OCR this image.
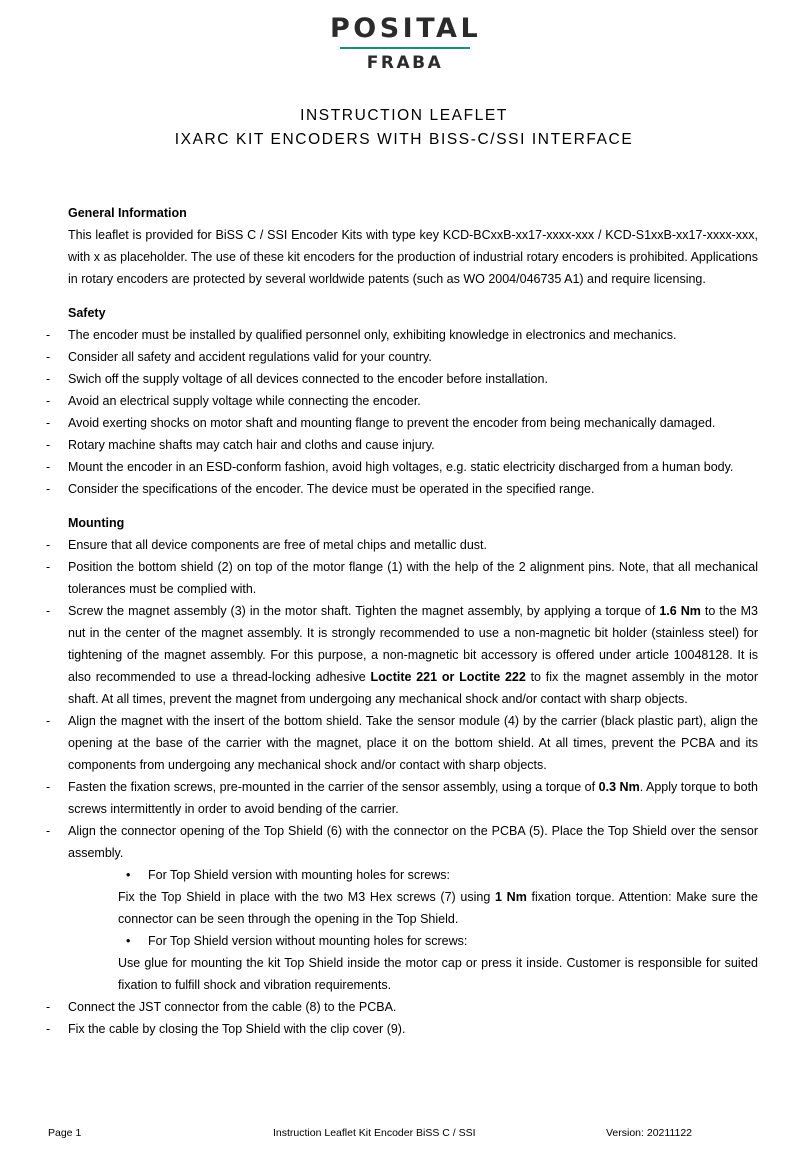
POSITAL
FRABA
INSTRUCTION LEAFLET
IXARC KIT ENCODERS WITH BISS-C/SSI INTERFACE
General Information
This leaflet is provided for BiSS C / SSI Encoder Kits with type key KCD-BCxxB-xx17-xxxx-xxx / KCD-S1xxB-xx17-xxxx-xxx, with x as placeholder. The use of these kit encoders for the production of industrial rotary encoders is prohibited. Applications in rotary encoders are protected by several worldwide patents (such as WO 2004/046735 A1) and require licensing.
Safety
- The encoder must be installed by qualified personnel only, exhibiting knowledge in electronics and mechanics.
- Consider all safety and accident regulations valid for your country.
- Swich off the supply voltage of all devices connected to the encoder before installation.
- Avoid an electrical supply voltage while connecting the encoder.
- Avoid exerting shocks on motor shaft and mounting flange to prevent the encoder from being mechanically damaged.
- Rotary machine shafts may catch hair and cloths and cause injury.
- Mount the encoder in an ESD-conform fashion, avoid high voltages, e.g. static electricity discharged from a human body.
- Consider the specifications of the encoder. The device must be operated in the specified range.
Mounting
- Ensure that all device components are free of metal chips and metallic dust.
- Position the bottom shield (2) on top of the motor flange (1) with the help of the 2 alignment pins. Note, that all mechanical tolerances must be complied with.
- Screw the magnet assembly (3) in the motor shaft. Tighten the magnet assembly, by applying a torque of 1.6 Nm to the M3 nut in the center of the magnet assembly. It is strongly recommended to use a non-magnetic bit holder (stainless steel) for tightening of the magnet assembly. For this purpose, a non-magnetic bit accessory is offered under article 10048128. It is also recommended to use a thread-locking adhesive Loctite 221 or Loctite 222 to fix the magnet assembly in the motor shaft. At all times, prevent the magnet from undergoing any mechanical shock and/or contact with sharp objects.
- Align the magnet with the insert of the bottom shield. Take the sensor module (4) by the carrier (black plastic part), align the opening at the base of the carrier with the magnet, place it on the bottom shield. At all times, prevent the PCBA and its components from undergoing any mechanical shock and/or contact with sharp objects.
- Fasten the fixation screws, pre-mounted in the carrier of the sensor assembly, using a torque of 0.3 Nm. Apply torque to both screws intermittently in order to avoid bending of the carrier.
- Align the connector opening of the Top Shield (6) with the connector on the PCBA (5). Place the Top Shield over the sensor assembly.
• For Top Shield version with mounting holes for screws:
Fix the Top Shield in place with the two M3 Hex screws (7) using 1 Nm fixation torque. Attention: Make sure the connector can be seen through the opening in the Top Shield.
• For Top Shield version without mounting holes for screws:
Use glue for mounting the kit Top Shield inside the motor cap or press it inside. Customer is responsible for suited fixation to fulfill shock and vibration requirements.
- Connect the JST connector from the cable (8) to the PCBA.
- Fix the cable by closing the Top Shield with the clip cover (9).
Page 1	Instruction Leaflet Kit Encoder BiSS C / SSI	Version: 20211122
